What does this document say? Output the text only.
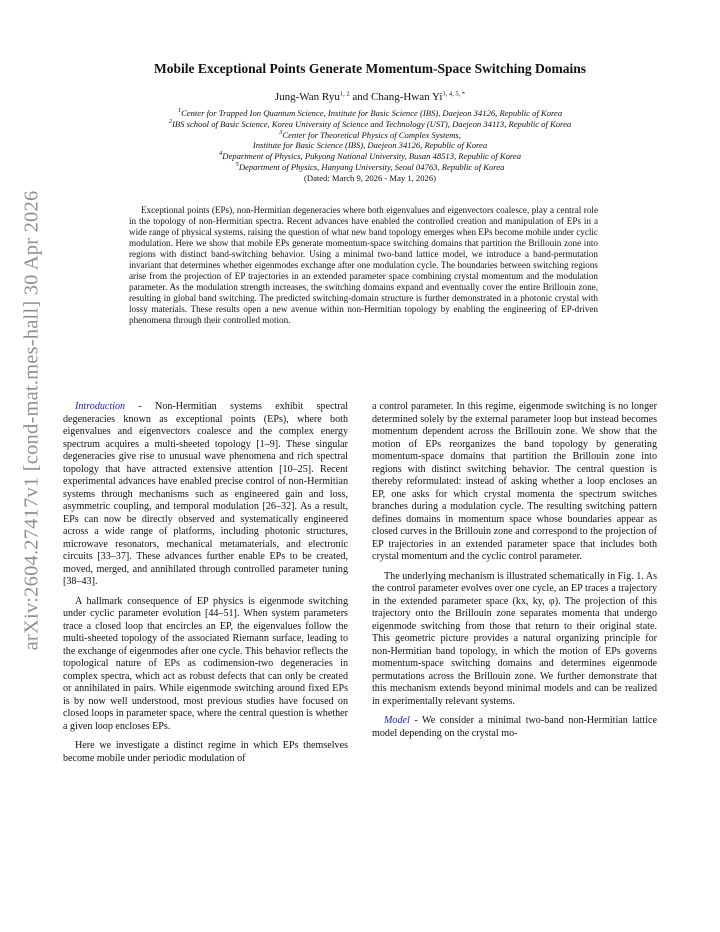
arXiv:2604.27417v1 [cond-mat.mes-hall] 30 Apr 2026
Mobile Exceptional Points Generate Momentum-Space Switching Domains
Jung-Wan Ryu$^{1, 2}$ and Chang-Hwan $Yi^{3, 4, 5, *}$
$^1$Center for Trapped Ion Quantum Science, Institute for Basic Science (IBS), Daejeon 34126, Republic of Korea
$^2$IBS school of Basic Science, Korea University of Science and Technology (UST), Daejeon 34113, Republic of Korea
$^3$Center for Theoretical Physics of Complex Systems,
Institute for Basic Science (IBS), Daejeon 34126, Republic of Korea
$^4$Department of Physics, Pukyong National University, Busan 48513, Republic of Korea
$^5$Department of Physics, Hanyang University, Seoul 04763, Republic of Korea
(Dated: March 9, 2026 - May 1, 2026)
Exceptional points (EPs), non-Hermitian degeneracies where both eigenvalues and eigenvectors coalesce, play a central role in the topology of non-Hermitian spectra. Recent advances have enabled the controlled creation and manipulation of EPs in a wide range of physical systems, raising the question of what new band topology emerges when EPs become mobile under cyclic modulation. Here we show that mobile EPs generate momentum-space switching domains that partition the Brillouin zone into regions with distinct band-switching behavior. Using a minimal two-band lattice model, we introduce a band-permutation invariant that determines whether eigenmodes exchange after one modulation cycle. The boundaries between switching regions arise from the projection of EP trajectories in an extended parameter space combining crystal momentum and the modulation parameter. As the modulation strength increases, the switching domains expand and eventually cover the entire Brillouin zone, resulting in global band switching. The predicted switching-domain structure is further demonstrated in a photonic crystal with lossy materials. These results open a new avenue within non-Hermitian topology by enabling the engineering of EP-driven phenomena through their controlled motion.

Introduction - Non-Hermitian systems exhibit spectral degeneracies known as exceptional points (EPs), where both eigenvalues and eigenvectors coalesce and the complex energy spectrum acquires a multi-sheeted topology [1–9]. These singular degeneracies give rise to unusual wave phenomena and rich spectral topology that have attracted extensive attention [10–25]. Recent experimental advances have enabled precise control of non-Hermitian systems through mechanisms such as engineered gain and loss, asymmetric coupling, and temporal modulation [26–32]. As a result, EPs can now be directly observed and systematically engineered across a wide range of platforms, including photonic structures, microwave resonators, mechanical metamaterials, and electronic circuits [33–37]. These advances further enable EPs to be created, moved, merged, and annihilated through controlled parameter tuning [38–43].

A hallmark consequence of EP physics is eigenmode switching under cyclic parameter evolution [44–51]. When system parameters trace a closed loop that encircles an EP, the eigenvalues follow the multi-sheeted topology of the associated Riemann surface, leading to the exchange of eigenmodes after one cycle. This behavior reflects the topological nature of EPs as codimension-two degeneracies in complex spectra, which act as robust defects that can only be created or annihilated in pairs. While eigenmode switching around fixed EPs is by now well understood, most previous studies have focused on closed loops in parameter space, where the central question is whether a given loop encloses EPs.

Here we investigate a distinct regime in which EPs themselves become mobile under periodic modulation of

a control parameter. In this regime, eigenmode switching is no longer determined solely by the external parameter loop but instead becomes momentum dependent across the Brillouin zone. We show that the motion of EPs reorganizes the band topology by generating momentum-space domains that partition the Brillouin zone into regions with distinct switching behavior. The central question is thereby reformulated: instead of asking whether a loop encloses an EP, one asks for which crystal momenta the spectrum switches branches during a modulation cycle. The resulting switching pattern defines domains in momentum space whose boundaries appear as closed curves in the Brillouin zone and correspond to the projection of EP trajectories in an extended parameter space that includes both crystal momentum and the cyclic control parameter.

The underlying mechanism is illustrated schematically in Fig. 1. As the control parameter evolves over one cycle, an EP traces a trajectory in the extended parameter space (kx, ky, φ). The projection of this trajectory onto the Brillouin zone separates momenta that undergo eigenmode switching from those that return to their original state. This geometric picture provides a natural organizing principle for non-Hermitian band topology, in which the motion of EPs governs momentum-space switching domains and determines eigenmode permutations across the Brillouin zone. We further demonstrate that this mechanism extends beyond minimal models and can be realized in experimentally relevant systems.

Model - We consider a minimal two-band non-Hermitian lattice model depending on the crystal mo-
